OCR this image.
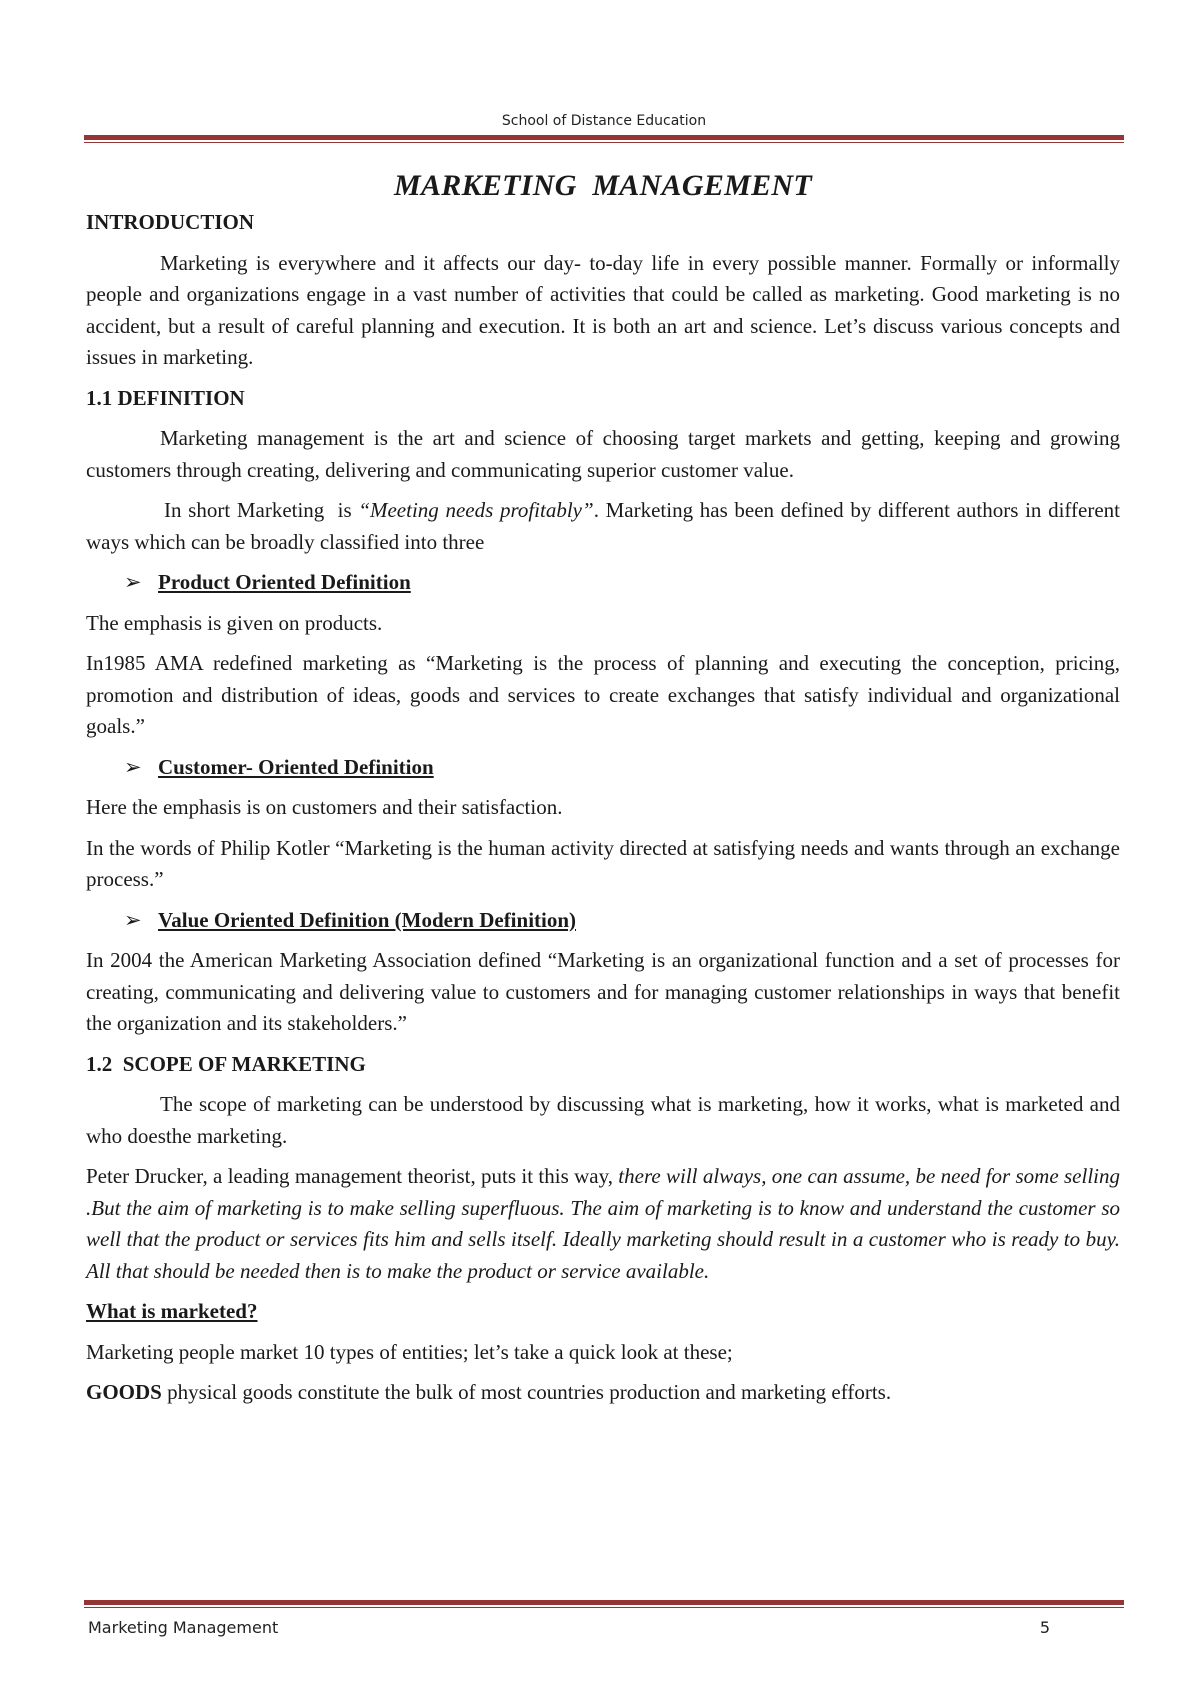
School of Distance Education
MARKETING  MANAGEMENT
INTRODUCTION

Marketing is everywhere and it affects our day- to-day life in every possible manner. Formally or informally people and organizations engage in a vast number of activities that could be called as marketing. Good marketing is no accident, but a result of careful planning and execution. It is both an art and science. Let’s discuss various concepts and issues in marketing.

1.1 DEFINITION

Marketing management is the art and science of choosing target markets and getting, keeping and growing customers through creating, delivering and communicating superior customer value.

In short Marketing  is “Meeting needs profitably”. Marketing has been defined by different authors in different ways which can be broadly classified into three

➢ Product Oriented Definition

The emphasis is given on products.

In1985 AMA redefined marketing as “Marketing is the process of planning and executing the conception, pricing, promotion and distribution of ideas, goods and services to create exchanges that satisfy individual and organizational goals.”

➢ Customer- Oriented Definition

Here the emphasis is on customers and their satisfaction.

In the words of Philip Kotler “Marketing is the human activity directed at satisfying needs and wants through an exchange process.”

➢ Value Oriented Definition (Modern Definition)

In 2004 the American Marketing Association defined “Marketing is an organizational function and a set of processes for creating, communicating and delivering value to customers and for managing customer relationships in ways that benefit the organization and its stakeholders.”

1.2  SCOPE OF MARKETING

The scope of marketing can be understood by discussing what is marketing, how it works, what is marketed and who doesthe marketing.

Peter Drucker, a leading management theorist, puts it this way, there will always, one can assume, be need for some selling .But the aim of marketing is to make selling superfluous. The aim of marketing is to know and understand the customer so well that the product or services fits him and sells itself. Ideally marketing should result in a customer who is ready to buy. All that should be needed then is to make the product or service available.

What is marketed?

Marketing people market 10 types of entities; let’s take a quick look at these;

GOODS physical goods constitute the bulk of most countries production and marketing efforts.

Marketing Management	5
